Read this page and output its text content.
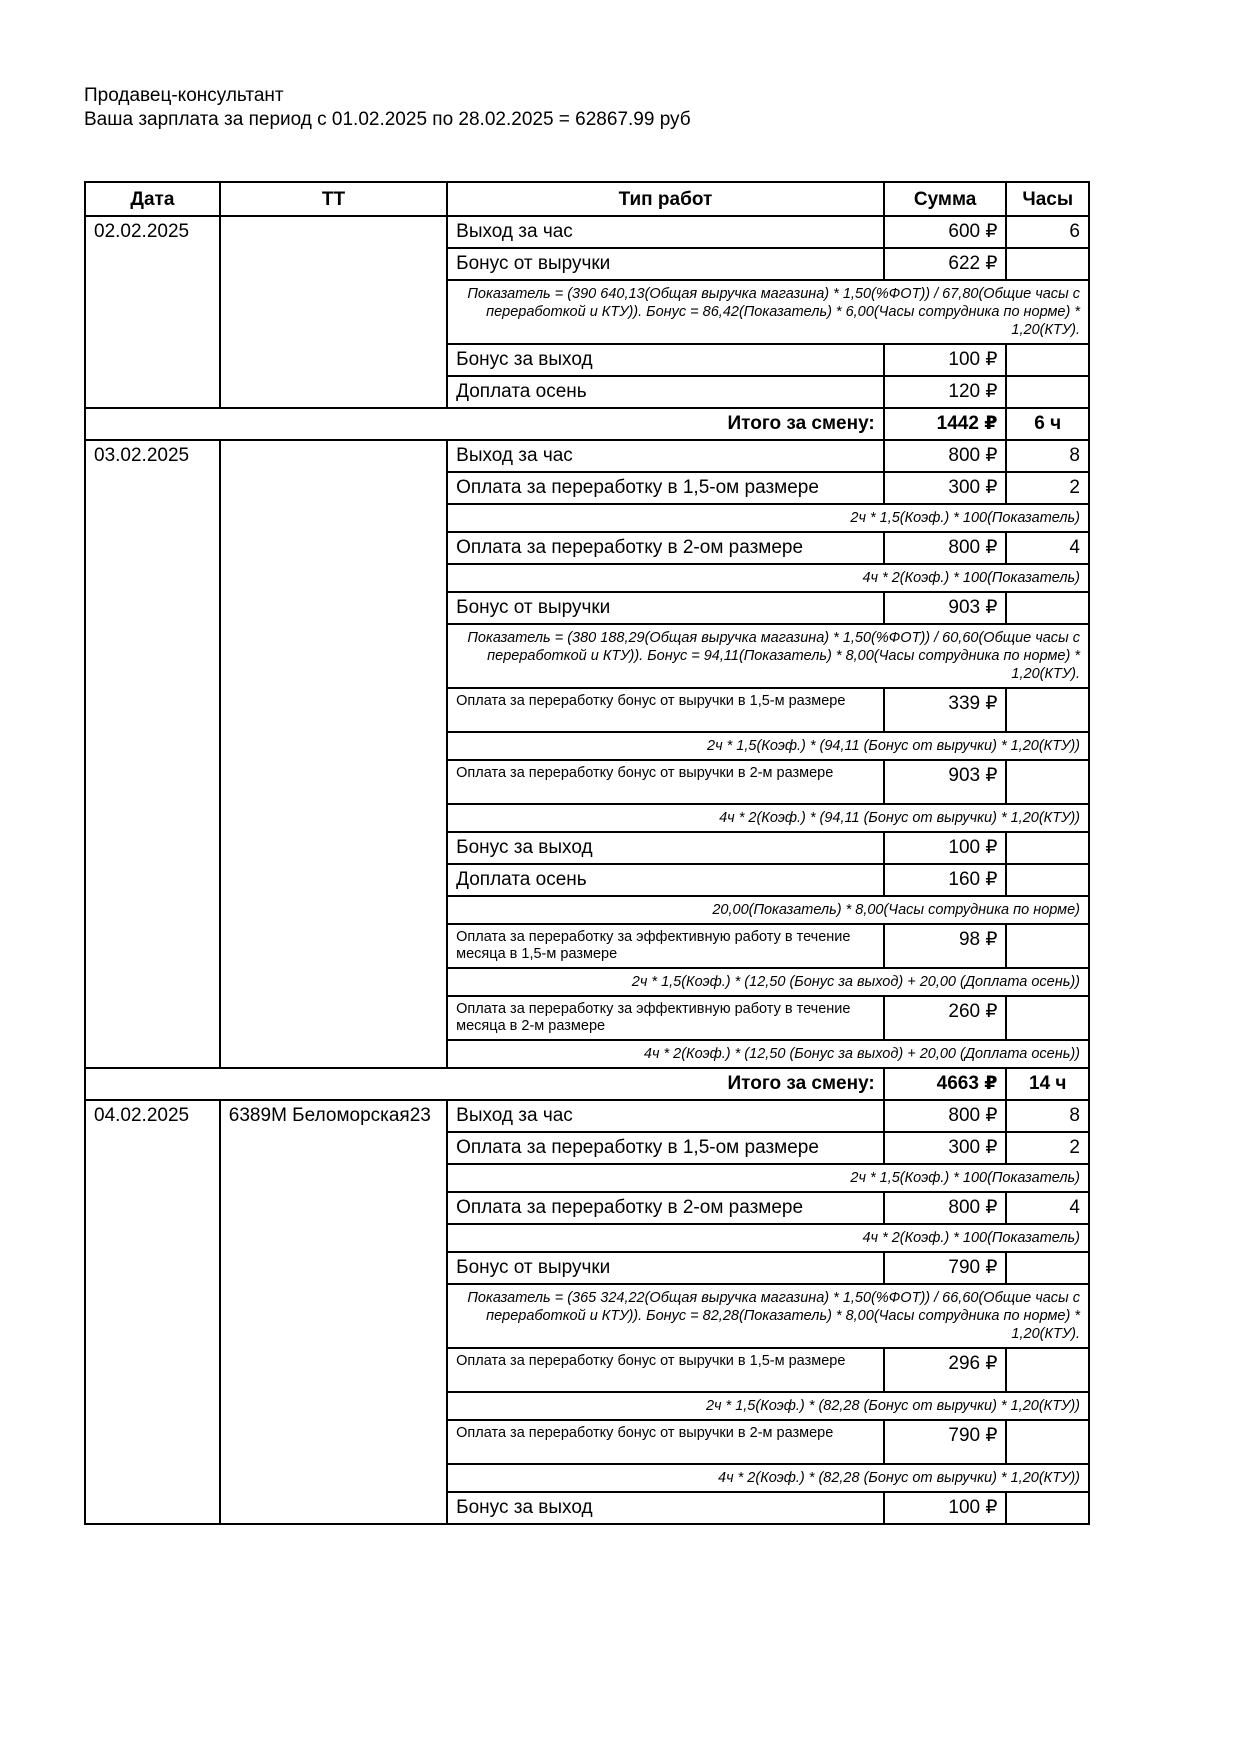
Продавец-консультант
Ваша зарплата за период с 01.02.2025 по 28.02.2025 = 62867.99 руб
Дата	ТТ	Тип работ	Сумма	Часы
02.02.2025		Выход за час	600 ₽	6
		Бонус от выручки	622 ₽	
		Показатель = (390 640,13(Общая выручка магазина) * 1,50(%ФОТ)) / 67,80(Общие часы с переработкой и КТУ)). Бонус = 86,42(Показатель) * 6,00(Часы сотрудника по норме) * 1,20(КТУ).		
		Бонус за выход	100 ₽	
		Доплата осень	120 ₽	
Итого за смену:			1442 ₽	6 ч
03.02.2025		Выход за час	800 ₽	8
		Оплата за переработку в 1,5-ом размере	300 ₽	2
		2ч * 1,5(Коэф.) * 100(Показатель)		
		Оплата за переработку в 2-ом размере	800 ₽	4
		4ч * 2(Коэф.) * 100(Показатель)		
		Бонус от выручки	903 ₽	
		Показатель = (380 188,29(Общая выручка магазина) * 1,50(%ФОТ)) / 60,60(Общие часы с переработкой и КТУ)). Бонус = 94,11(Показатель) * 8,00(Часы сотрудника по норме) * 1,20(КТУ).		
		Оплата за переработку бонус от выручки в 1,5-м размере	339 ₽	
		2ч * 1,5(Коэф.) * (94,11 (Бонус от выручки) * 1,20(КТУ))		
		Оплата за переработку бонус от выручки в 2-м размере	903 ₽	
		4ч * 2(Коэф.) * (94,11 (Бонус от выручки) * 1,20(КТУ))		
		Бонус за выход	100 ₽	
		Доплата осень	160 ₽	
		20,00(Показатель) * 8,00(Часы сотрудника по норме)		
		Оплата за переработку за эффективную работу в течение месяца в 1,5-м размере	98 ₽	
		2ч * 1,5(Коэф.) * (12,50 (Бонус за выход) + 20,00 (Доплата осень))		
		Оплата за переработку за эффективную работу в течение месяца в 2-м размере	260 ₽	
		4ч * 2(Коэф.) * (12,50 (Бонус за выход) + 20,00 (Доплата осень))		
Итого за смену:			4663 ₽	14 ч
04.02.2025	6389М Беломорская23	Выход за час	800 ₽	8
		Оплата за переработку в 1,5-ом размере	300 ₽	2
		2ч * 1,5(Коэф.) * 100(Показатель)		
		Оплата за переработку в 2-ом размере	800 ₽	4
		4ч * 2(Коэф.) * 100(Показатель)		
		Бонус от выручки	790 ₽	
		Показатель = (365 324,22(Общая выручка магазина) * 1,50(%ФОТ)) / 66,60(Общие часы с переработкой и КТУ)). Бонус = 82,28(Показатель) * 8,00(Часы сотрудника по норме) * 1,20(КТУ).		
		Оплата за переработку бонус от выручки в 1,5-м размере	296 ₽	
		2ч * 1,5(Коэф.) * (82,28 (Бонус от выручки) * 1,20(КТУ))		
		Оплата за переработку бонус от выручки в 2-м размере	790 ₽	
		4ч * 2(Коэф.) * (82,28 (Бонус от выручки) * 1,20(КТУ))		
		Бонус за выход	100 ₽	
